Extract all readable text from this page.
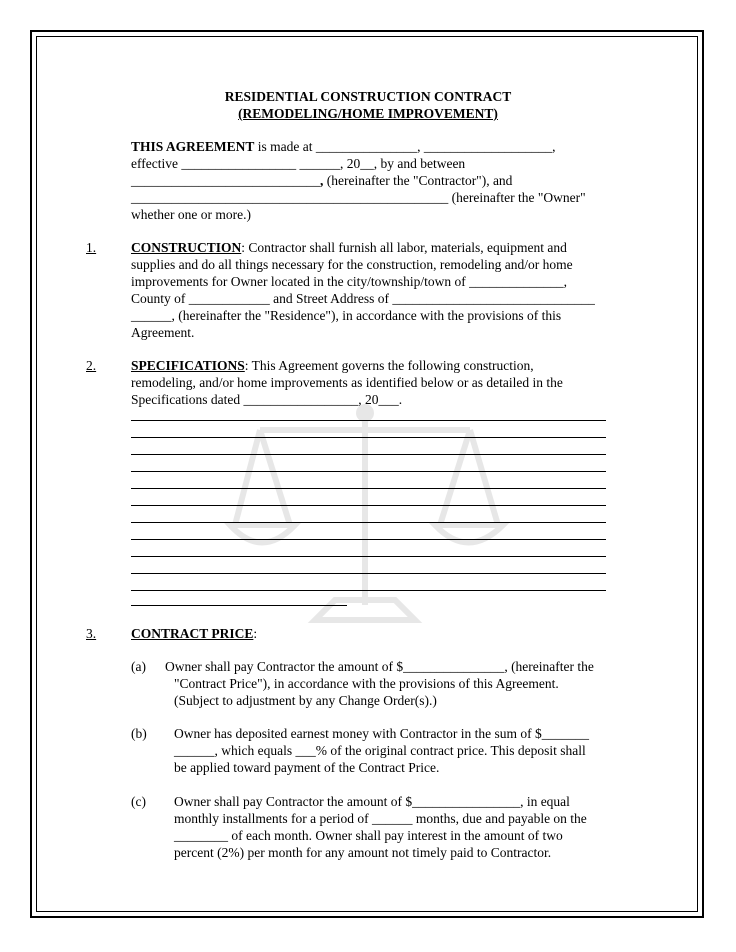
RESIDENTIAL CONSTRUCTION CONTRACT
(REMODELING/HOME IMPROVEMENT)
THIS AGREEMENT is made at _______________, ___________________,
effective _________________ ______, 20__, by and between
____________________________, (hereinafter the "Contractor"), and
_______________________________________________ (hereinafter the "Owner"
whether one or more.)
1.	CONSTRUCTION: Contractor shall furnish all labor, materials, equipment and
supplies and do all things necessary for the construction, remodeling and/or home
improvements for Owner located in the city/township/town of ______________,
County of ____________ and Street Address of ______________________________
______, (hereinafter the "Residence"), in accordance with the provisions of this
Agreement.
2.	SPECIFICATIONS: This Agreement governs the following construction,
remodeling, and/or home improvements as identified below or as detailed in the
Specifications dated _________________, 20___.
3.	CONTRACT PRICE:
(a) Owner shall pay Contractor the amount of $_______________, (hereinafter the
"Contract Price"), in accordance with the provisions of this Agreement.
(Subject to adjustment by any Change Order(s).)
(b) Owner has deposited earnest money with Contractor in the sum of $_______
______, which equals ___% of the original contract price. This deposit shall
be applied toward payment of the Contract Price.
(c) Owner shall pay Contractor the amount of $________________, in equal
monthly installments for a period of ______ months, due and payable on the
________ of each month. Owner shall pay interest in the amount of two
percent (2%) per month for any amount not timely paid to Contractor.
